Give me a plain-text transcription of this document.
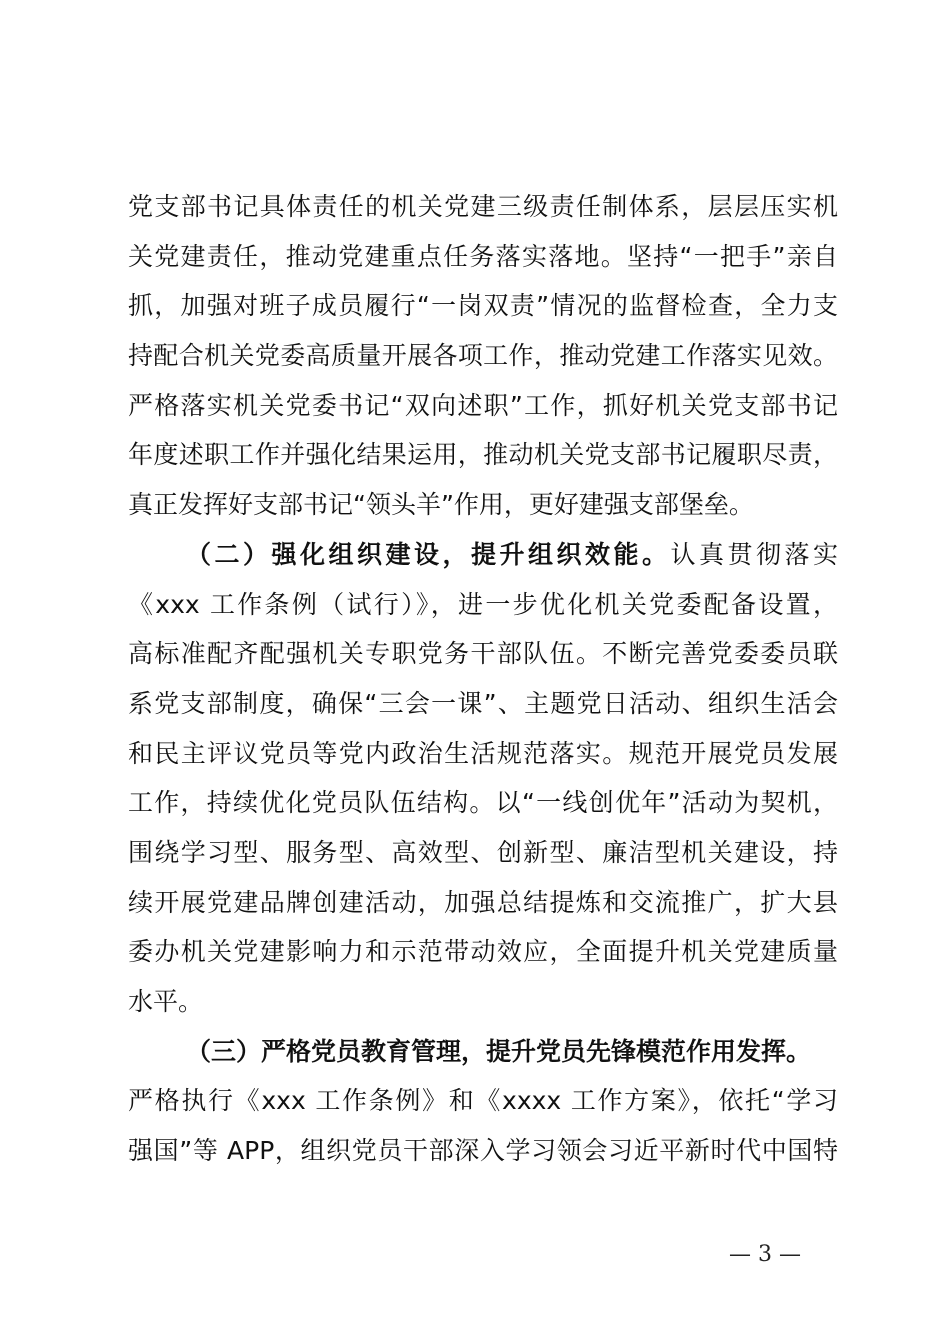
党支部书记具体责任的机关党建三级责任制体系，层层压实机
关党建责任，推动党建重点任务落实落地。坚持“一把手”亲自
抓，加强对班子成员履行“一岗双责”情况的监督检查，全力支
持配合机关党委高质量开展各项工作，推动党建工作落实见效。
严格落实机关党委书记“双向述职”工作，抓好机关党支部书记
年度述职工作并强化结果运用，推动机关党支部书记履职尽责，
真正发挥好支部书记“领头羊”作用，更好建强支部堡垒。
（二）强化组织建设，提升组织效能。认真贯彻落实
《xxx 工作条例（试行）》，进一步优化机关党委配备设置，
高标准配齐配强机关专职党务干部队伍。不断完善党委委员联
系党支部制度，确保“三会一课”、主题党日活动、组织生活会
和民主评议党员等党内政治生活规范落实。规范开展党员发展
工作，持续优化党员队伍结构。以“一线创优年”活动为契机，
围绕学习型、服务型、高效型、创新型、廉洁型机关建设，持
续开展党建品牌创建活动，加强总结提炼和交流推广，扩大县
委办机关党建影响力和示范带动效应，全面提升机关党建质量
水平。
（三）严格党员教育管理，提升党员先锋模范作用发挥。
严格执行《xxx 工作条例》和《xxxx 工作方案》，依托“学习
强国”等 APP，组织党员干部深入学习领会习近平新时代中国特
— 3 —
